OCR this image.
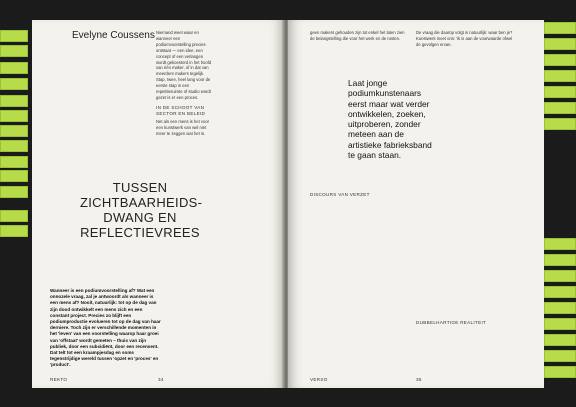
Evelyne Coussens Niemand weet waar en wanneer een podiumvoorstelling precies ontstaat — een idee, een concept of een verlangen wordt gekoesterd in het hoofd van één maker, of in dat van meerdere makers tegelijk. Stap, twee, heel lang voor de eerste stap in een repetitieruimte of studio wordt gezet is er een proces.

IN DE SCHOOT VAN SECTOR EN BELEID

Net als een mens is het voor een kunstwerk van wel niet meer te zeggen wat het is.

TUSSEN ZICHTBAARHEIDS-DWANG EN REFLECTIEVREES
Wanneer is een podiumvoorstelling af? Wat een onnozele vraag, zal je antwoordt als wanneer is een mens af? Nooit, natuurlijk: tot op de dag van zijn dood ontwikkelt een mens zich en een constant project. Precies zo blijft een podiumproductie evolueren tot op de dag van haar derniere. Toch zijn er verschillende momenten in het 'leven' van een voorstelling waarop haar groei van 'offstaat' wordt gemeten – thuis van zijn publiek, door een subsidiënt, door een recensent. Dat telt tot een kraampjesdag en soms tegenstrijdige wereld tussen 'opzet en 'proces' en 'product'.
REKTO	34

geen makers gehouden zijn tot enkel het laten zien de belangstelling die voor het werk en de rusten.

Laat jonge podiumkunstenaars eerst maar wat verder ontwikkelen, zoeken, uitproberen, zonder meteen aan de artistieke fabrieksband te gaan staan.
DISCOURS VAN VERZET

De vraag die daarop volgt is natuurlijk: waar ben je? Kunstwerk meet ons: 'ik is aan de voorwaarde ofwel de gevolgen ervan.

DUBBELHARTIGE REALITEIT
VERSO	35
